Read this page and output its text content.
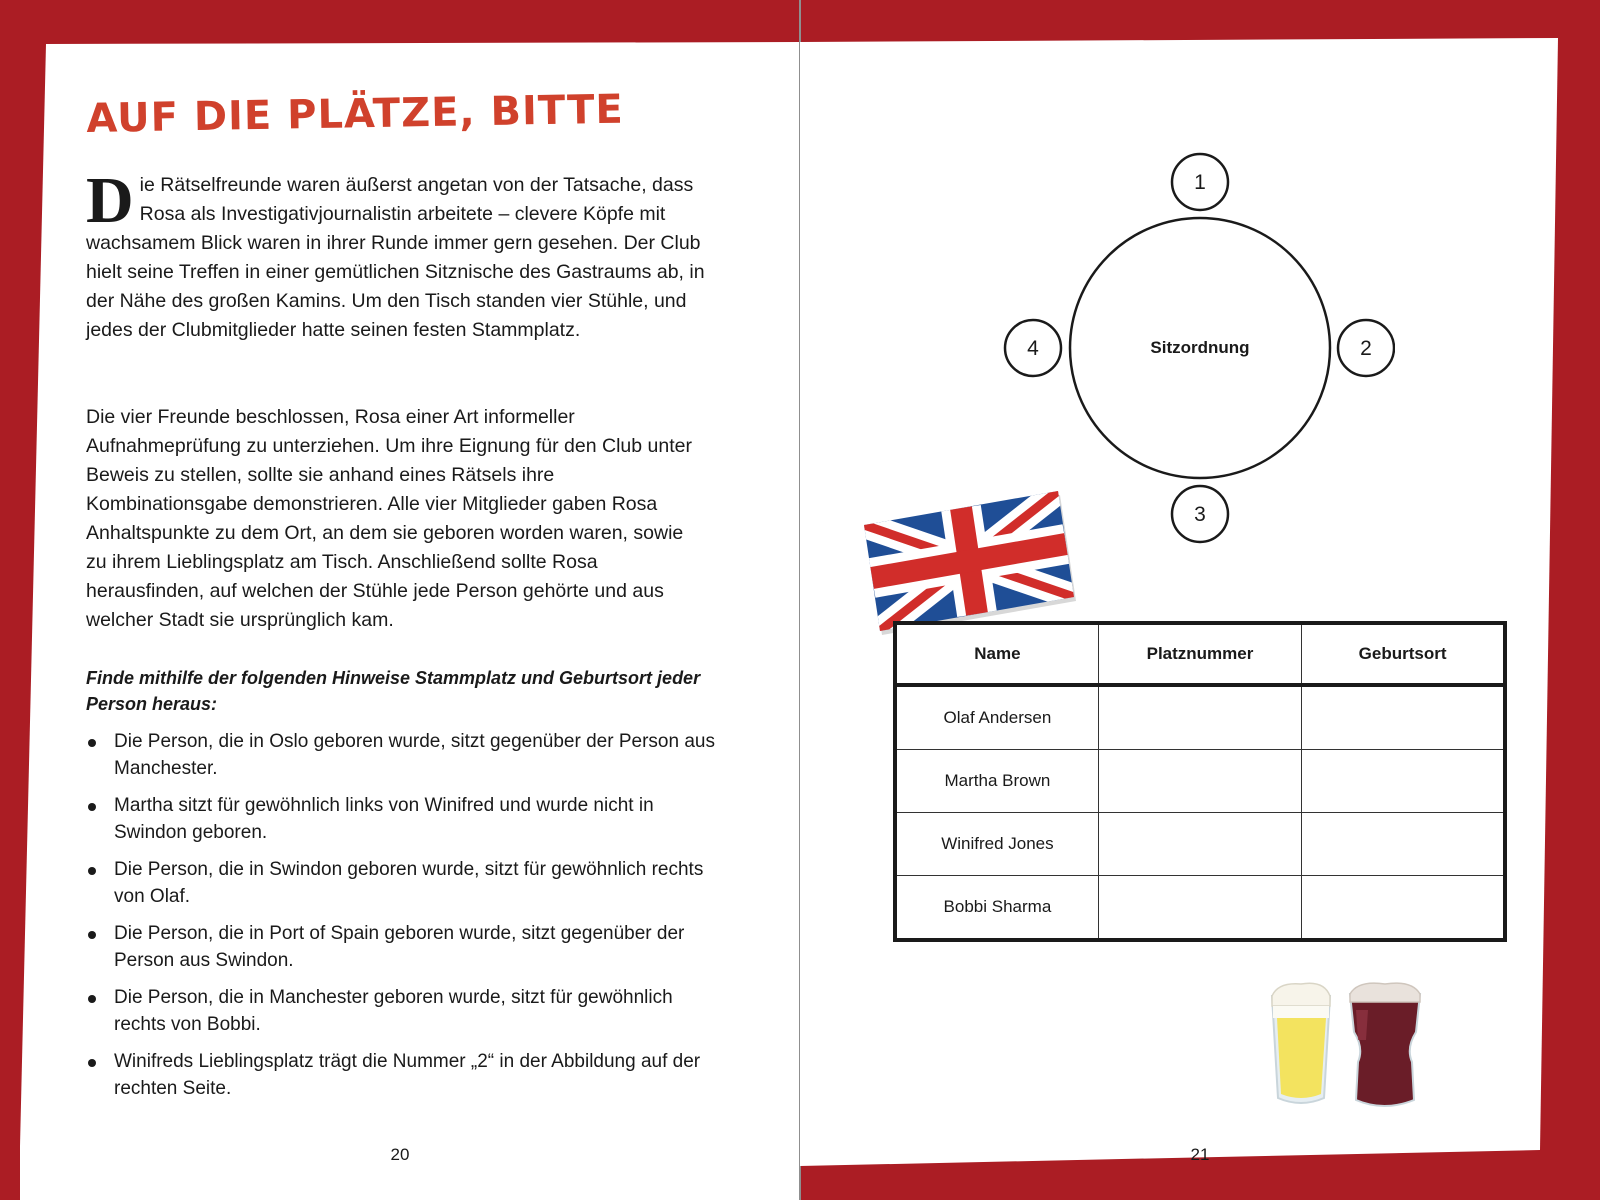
AUF DIE PLÄTZE, BITTE

Die Rätselfreunde waren äußerst angetan von der Tatsache, dass Rosa als Investigativjournalistin arbeitete – clevere Köpfe mit wachsamem Blick waren in ihrer Runde immer gern gesehen. Der Club hielt seine Treffen in einer gemütlichen Sitznische des Gastraums ab, in der Nähe des großen Kamins. Um den Tisch standen vier Stühle, und jedes der Clubmitglieder hatte seinen festen Stammplatz.

Die vier Freunde beschlossen, Rosa einer Art informeller Aufnahmeprüfung zu unterziehen. Um ihre Eignung für den Club unter Beweis zu stellen, sollte sie anhand eines Rätsels ihre Kombinationsgabe demonstrieren. Alle vier Mitglieder gaben Rosa Anhaltspunkte zu dem Ort, an dem sie geboren worden waren, sowie zu ihrem Lieblingsplatz am Tisch. Anschließend sollte Rosa herausfinden, auf welchen der Stühle jede Person gehörte und aus welcher Stadt sie ursprünglich kam.

Finde mithilfe der folgenden Hinweise Stammplatz und Geburtsort jeder Person heraus:

Die Person, die in Oslo geboren wurde, sitzt gegenüber der Person aus Manchester.
Martha sitzt für gewöhnlich links von Winifred und wurde nicht in Swindon geboren.
Die Person, die in Swindon geboren wurde, sitzt für gewöhnlich rechts von Olaf.
Die Person, die in Port of Spain geboren wurde, sitzt gegenüber der Person aus Swindon.
Die Person, die in Manchester geboren wurde, sitzt für gewöhnlich rechts von Bobbi.
Winifreds Lieblingsplatz trägt die Nummer „2“ in der Abbildung auf der rechten Seite.
20	21
Sitzordnung
1
2
3
4
Name	Platznummer	Geburtsort
Olaf Andersen		
Martha Brown		
Winifred Jones		
Bobbi Sharma		
